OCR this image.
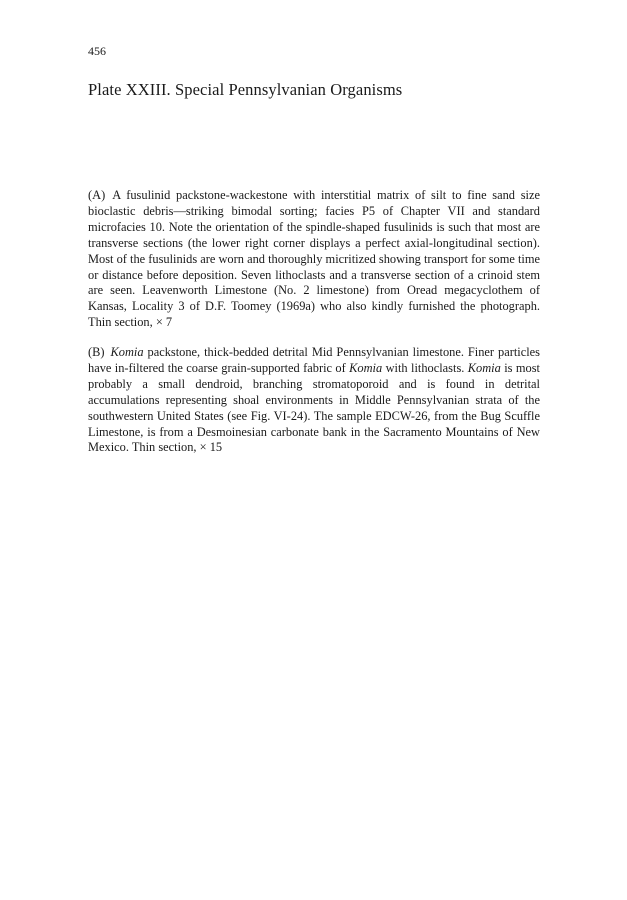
456
Plate XXIII. Special Pennsylvanian Organisms
(A) A fusulinid packstone-wackestone with interstitial matrix of silt to fine sand size bioclastic debris—striking bimodal sorting; facies P5 of Chapter VII and standard microfacies 10. Note the orientation of the spindle-shaped fusulinids is such that most are transverse sections (the lower right corner displays a perfect axial-longitudinal section). Most of the fusulinids are worn and thoroughly micritized showing transport for some time or distance before deposition. Seven lithoclasts and a transverse section of a crinoid stem are seen. Leavenworth Limestone (No. 2 limestone) from Oread megacyclothem of Kansas, Locality 3 of D.F. Toomey (1969a) who also kindly furnished the photograph. Thin section, × 7
(B) Komia packstone, thick-bedded detrital Mid Pennsylvanian limestone. Finer particles have in-filtered the coarse grain-supported fabric of Komia with lithoclasts. Komia is most probably a small dendroid, branching stromatoporoid and is found in detrital accumulations representing shoal environments in Middle Pennsylvanian strata of the southwestern United States (see Fig. VI-24). The sample EDCW-26, from the Bug Scuffle Limestone, is from a Desmoinesian carbonate bank in the Sacramento Mountains of New Mexico. Thin section, × 15
